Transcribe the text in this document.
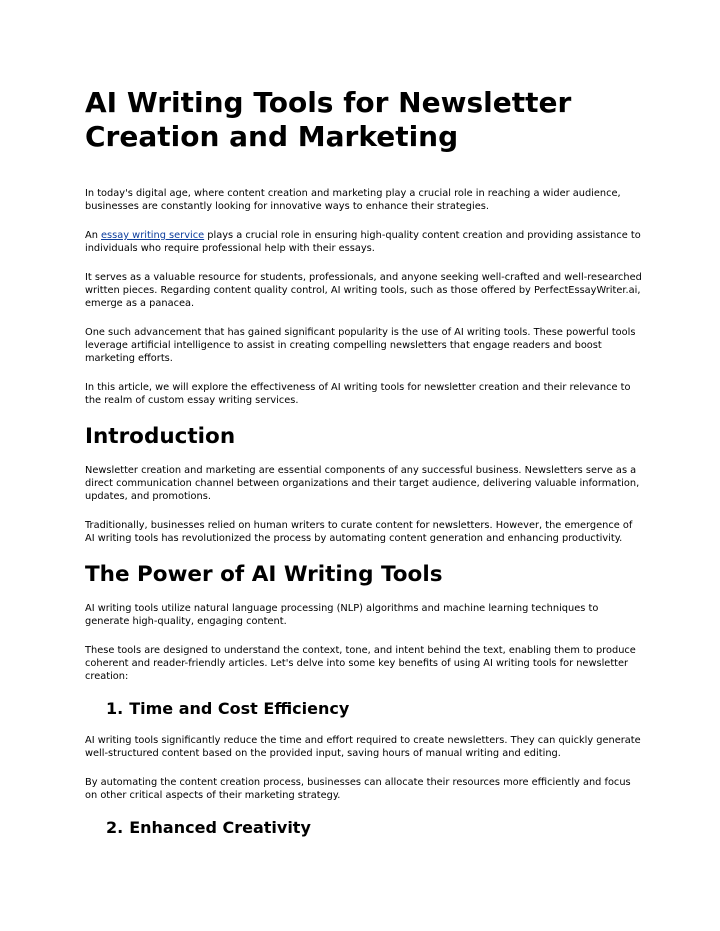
AI Writing Tools for Newsletter Creation and Marketing

In today's digital age, where content creation and marketing play a crucial role in reaching a wider audience, businesses are constantly looking for innovative ways to enhance their strategies.

An essay writing service plays a crucial role in ensuring high-quality content creation and providing assistance to individuals who require professional help with their essays.

It serves as a valuable resource for students, professionals, and anyone seeking well-crafted and well-researched written pieces. Regarding content quality control, AI writing tools, such as those offered by PerfectEssayWriter.ai, emerge as a panacea.

One such advancement that has gained significant popularity is the use of AI writing tools. These powerful tools leverage artificial intelligence to assist in creating compelling newsletters that engage readers and boost marketing efforts.

In this article, we will explore the effectiveness of AI writing tools for newsletter creation and their relevance to the realm of custom essay writing services.

Introduction

Newsletter creation and marketing are essential components of any successful business. Newsletters serve as a direct communication channel between organizations and their target audience, delivering valuable information, updates, and promotions.

Traditionally, businesses relied on human writers to curate content for newsletters. However, the emergence of AI writing tools has revolutionized the process by automating content generation and enhancing productivity.

The Power of AI Writing Tools

AI writing tools utilize natural language processing (NLP) algorithms and machine learning techniques to generate high-quality, engaging content.

These tools are designed to understand the context, tone, and intent behind the text, enabling them to produce coherent and reader-friendly articles. Let's delve into some key benefits of using AI writing tools for newsletter creation:

1. Time and Cost Efficiency

AI writing tools significantly reduce the time and effort required to create newsletters. They can quickly generate well-structured content based on the provided input, saving hours of manual writing and editing.

By automating the content creation process, businesses can allocate their resources more efficiently and focus on other critical aspects of their marketing strategy.

2. Enhanced Creativity
